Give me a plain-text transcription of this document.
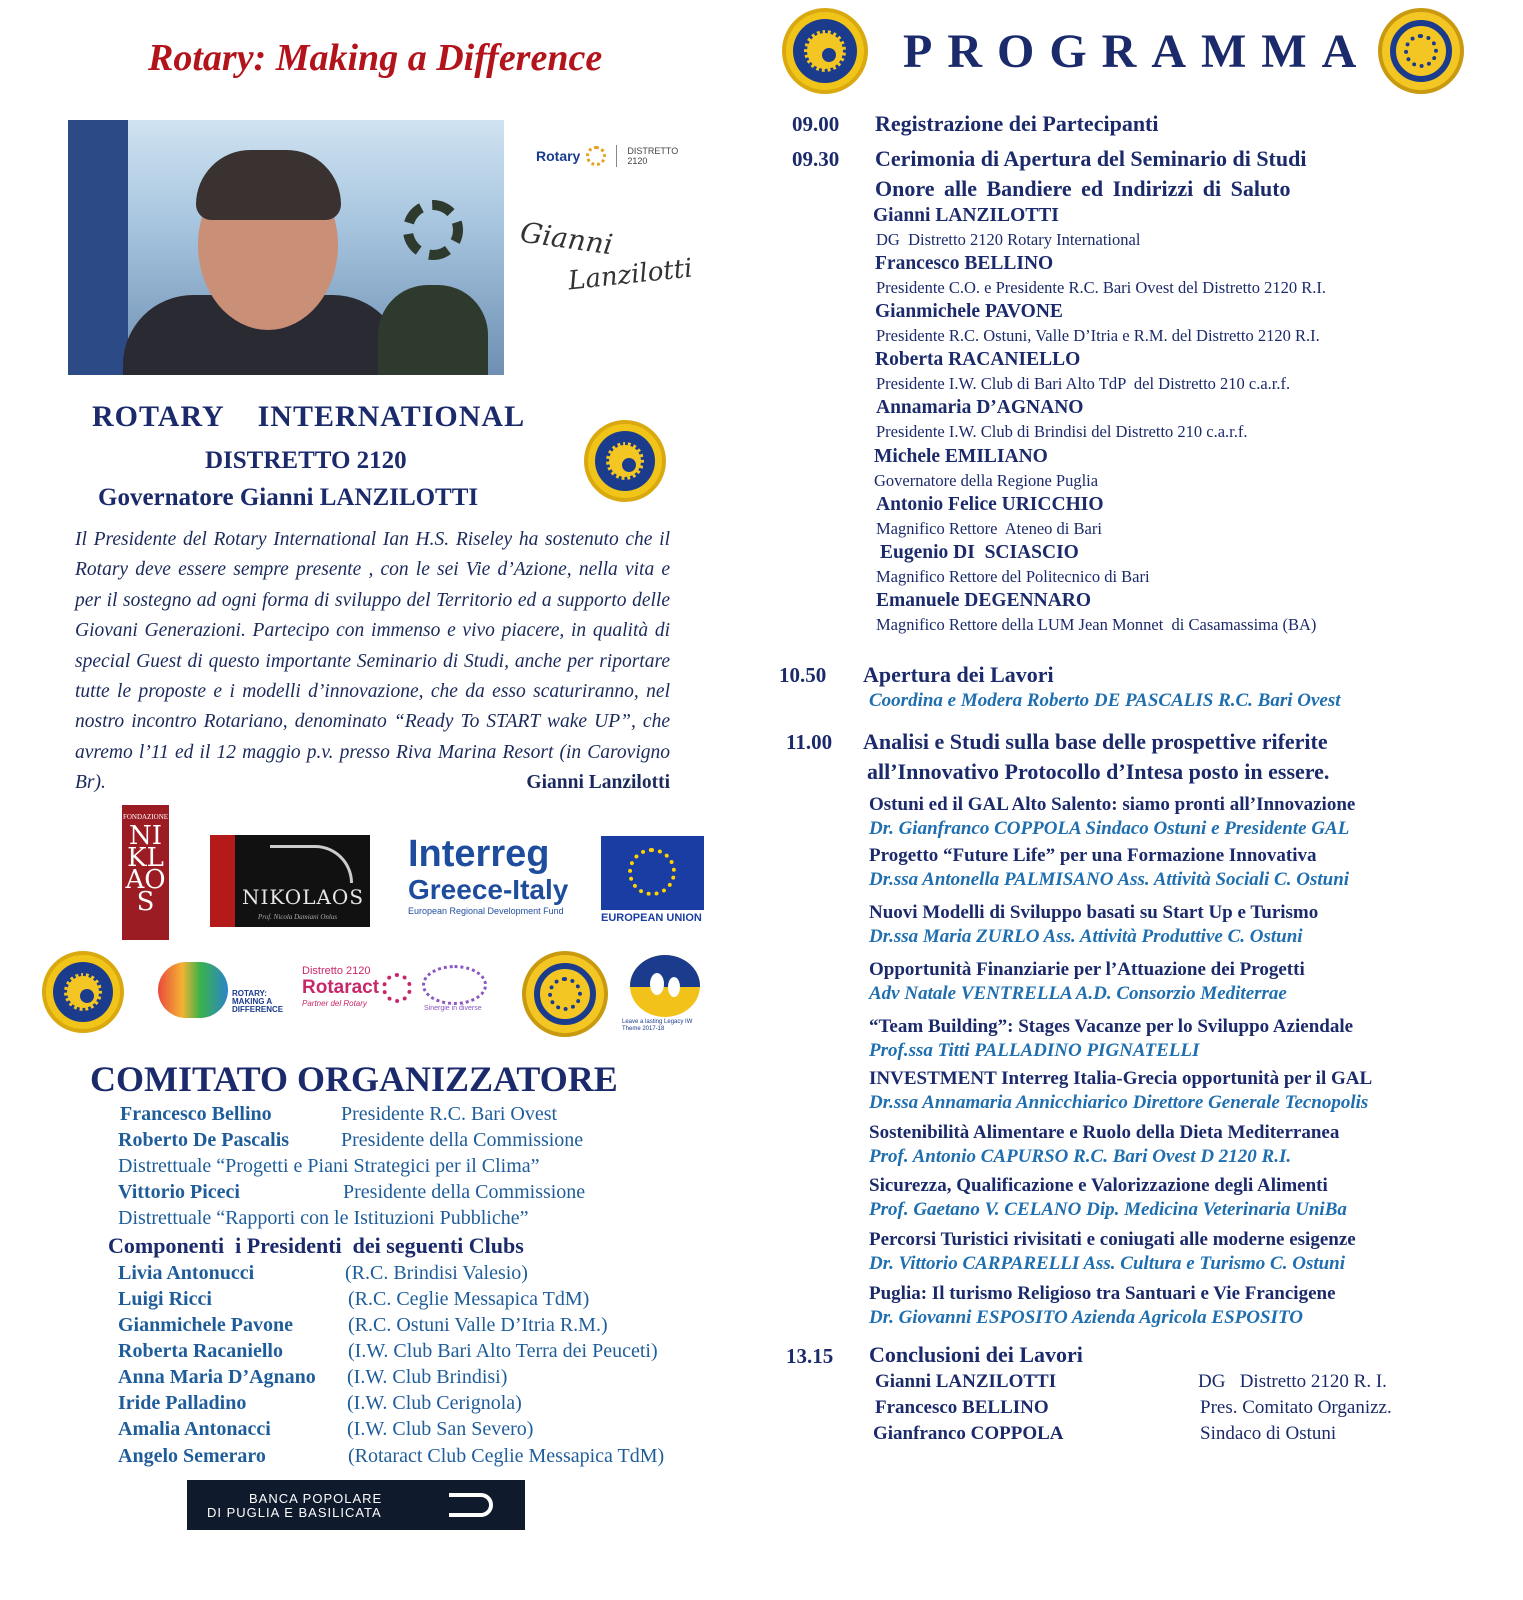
Rotary: Making a Difference
Rotary	DISTRETTO
2120
Gianni
Lanzilotti
ROTARY    INTERNATIONAL
DISTRETTO 2120
Governatore Gianni LANZILOTTI
Il Presidente del Rotary International Ian H.S. Riseley ha sostenuto che il Rotary deve essere sempre presente , con le sei Vie d’Azione, nella vita e per il sostegno ad ogni forma di sviluppo del Territorio ed a supporto delle Giovani Generazioni. Partecipo con immenso e vivo piacere, in qualità di special Guest di questo importante Seminario di Studi, anche per riportare tutte le proposte e i modelli d’innovazione, che da esso scaturiranno, nel nostro incontro Rotariano, denominato “Ready To START wake UP”, che avremo l’11 ed il 12 maggio p.v. presso Riva Marina Resort (in Carovigno Br).	Gianni Lanzilotti
FONDAZIONE
NIKLAOS	NIKOLAOS
Prof. Nicola Damiani Onlus
Interreg
Greece-Italy
European Regional Development Fund
EUROPEAN UNION
ROTARY: MAKING A DIFFERENCE
Distretto 2120
Rotaract
Partner del Rotary
Sinergie in diverse
Leave a lasting Legacy IW Theme 2017-18
COMITATO ORGANIZZATORE
Francesco Bellino	Presidente R.C. Bari Ovest
Roberto De Pascalis	Presidente della Commissione
Distrettuale “Progetti e Piani Strategici per il Clima”
Vittorio Piceci	Presidente della Commissione
Distrettuale “Rapporti con le Istituzioni Pubbliche”
Componenti  i Presidenti  dei seguenti Clubs
Livia Antonucci	(R.C. Brindisi Valesio)
Luigi Ricci	(R.C. Ceglie Messapica TdM)
Gianmichele Pavone	(R.C. Ostuni Valle D’Itria R.M.)
Roberta Racaniello	(I.W. Club Bari Alto Terra dei Peuceti)
Anna Maria D’Agnano (I.W. Club Brindisi)
Iride Palladino	(I.W. Club Cerignola)
Amalia Antonacci	(I.W. Club San Severo)
Angelo Semeraro	(Rotaract Club Ceglie Messapica TdM)
BANCA POPOLARE
DI PUGLIA E BASILICATA
PROGRAMMA
09.00 Registrazione dei Partecipanti
09.30 Cerimonia di Apertura del Seminario di Studi
Onore alle Bandiere ed Indirizzi di Saluto
Gianni LANZILOTTI
DG  Distretto 2120 Rotary International
Francesco BELLINO
Presidente C.O. e Presidente R.C. Bari Ovest del Distretto 2120 R.I.
Gianmichele PAVONE
Presidente R.C. Ostuni, Valle D’Itria e R.M. del Distretto 2120 R.I.
Roberta RACANIELLO
Presidente I.W. Club di Bari Alto TdP  del Distretto 210 c.a.r.f.
Annamaria D’AGNANO
Presidente I.W. Club di Brindisi del Distretto 210 c.a.r.f.
Michele EMILIANO
Governatore della Regione Puglia
Antonio Felice URICCHIO
Magnifico Rettore  Ateneo di Bari
Eugenio DI  SCIASCIO
Magnifico Rettore del Politecnico di Bari
Emanuele DEGENNARO
Magnifico Rettore della LUM Jean Monnet  di Casamassima (BA)
10.50 Apertura dei Lavori
Coordina e Modera Roberto DE PASCALIS R.C. Bari Ovest
11.00 Analisi e Studi sulla base delle prospettive riferite
all’Innovativo Protocollo d’Intesa posto in essere.
Ostuni ed il GAL Alto Salento: siamo pronti all’Innovazione
Dr. Gianfranco COPPOLA Sindaco Ostuni e Presidente GAL
Progetto “Future Life” per una Formazione Innovativa
Dr.ssa Antonella PALMISANO Ass. Attività Sociali C. Ostuni
Nuovi Modelli di Sviluppo basati su Start Up e Turismo
Dr.ssa Maria ZURLO Ass. Attività Produttive C. Ostuni
Opportunità Finanziarie per l’Attuazione dei Progetti
Adv Natale VENTRELLA A.D. Consorzio Mediterrae
“Team Building”: Stages Vacanze per lo Sviluppo Aziendale
Prof.ssa Titti PALLADINO PIGNATELLI
INVESTMENT Interreg Italia-Grecia opportunità per il GAL
Dr.ssa Annamaria Annicchiarico Direttore Generale Tecnopolis
Sostenibilità Alimentare e Ruolo della Dieta Mediterranea
Prof. Antonio CAPURSO R.C. Bari Ovest D 2120 R.I.
Sicurezza, Qualificazione e Valorizzazione degli Alimenti
Prof. Gaetano V. CELANO Dip. Medicina Veterinaria UniBa
Percorsi Turistici rivisitati e coniugati alle moderne esigenze
Dr. Vittorio CARPARELLI Ass. Cultura e Turismo C. Ostuni
Puglia: Il turismo Religioso tra Santuari e Vie Francigene
Dr. Giovanni ESPOSITO Azienda Agricola ESPOSITO
13.15 Conclusioni dei Lavori
Gianni LANZILOTTI	DG   Distretto 2120 R. I.
Francesco BELLINO	Pres. Comitato Organizz.
Gianfranco COPPOLA	Sindaco di Ostuni
